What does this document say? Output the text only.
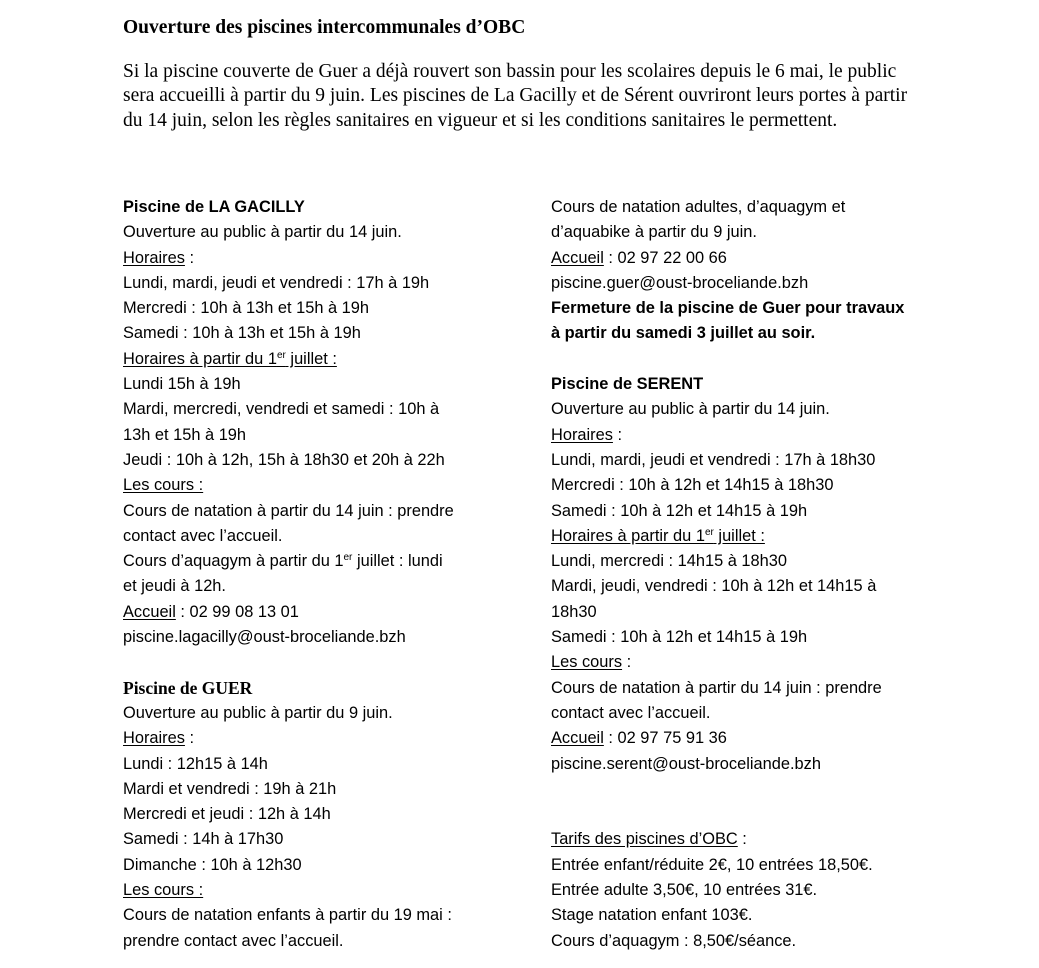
Ouverture des piscines intercommunales d’OBC

Si la piscine couverte de Guer a déjà rouvert son bassin pour les scolaires depuis le 6 mai, le public sera accueilli à partir du 9 juin. Les piscines de La Gacilly et de Sérent ouvriront leurs portes à partir du 14 juin, selon les règles sanitaires en vigueur et si les conditions sanitaires le permettent.

Piscine de LA GACILLY
Ouverture au public à partir du 14 juin.
Horaires :
Lundi, mardi, jeudi et vendredi : 17h à 19h
Mercredi : 10h à 13h et 15h à 19h
Samedi : 10h à 13h et 15h à 19h
Horaires à partir du 1er juillet :
Lundi 15h à 19h
Mardi, mercredi, vendredi et samedi : 10h à
13h et 15h à 19h
Jeudi : 10h à 12h, 15h à 18h30 et 20h à 22h
Les cours :
Cours de natation à partir du 14 juin : prendre
contact avec l’accueil.
Cours d’aquagym à partir du 1er juillet : lundi
et jeudi à 12h.
Accueil : 02 99 08 13 01
piscine.lagacilly@oust-broceliande.bzh
Piscine de GUER
Ouverture au public à partir du 9 juin.
Horaires :
Lundi : 12h15 à 14h
Mardi et vendredi : 19h à 21h
Mercredi et jeudi : 12h à 14h
Samedi : 14h à 17h30
Dimanche : 10h à 12h30
Les cours :
Cours de natation enfants à partir du 19 mai :
prendre contact avec l’accueil.
Cours de natation adultes, d’aquagym et
d’aquabike à partir du 9 juin.
Accueil : 02 97 22 00 66
piscine.guer@oust-broceliande.bzh
Fermeture de la piscine de Guer pour travaux
à partir du samedi 3 juillet au soir.
Piscine de SERENT
Ouverture au public à partir du 14 juin.
Horaires :
Lundi, mardi, jeudi et vendredi : 17h à 18h30
Mercredi : 10h à 12h et 14h15 à 18h30
Samedi : 10h à 12h et 14h15 à 19h
Horaires à partir du 1er juillet :
Lundi, mercredi : 14h15 à 18h30
Mardi, jeudi, vendredi : 10h à 12h et 14h15 à
18h30
Samedi : 10h à 12h et 14h15 à 19h
Les cours :
Cours de natation à partir du 14 juin : prendre
contact avec l’accueil.
Accueil : 02 97 75 91 36
piscine.serent@oust-broceliande.bzh
Tarifs des piscines d’OBC :
Entrée enfant/réduite 2€, 10 entrées 18,50€.
Entrée adulte 3,50€, 10 entrées 31€.
Stage natation enfant 103€.
Cours d’aquagym : 8,50€/séance.
